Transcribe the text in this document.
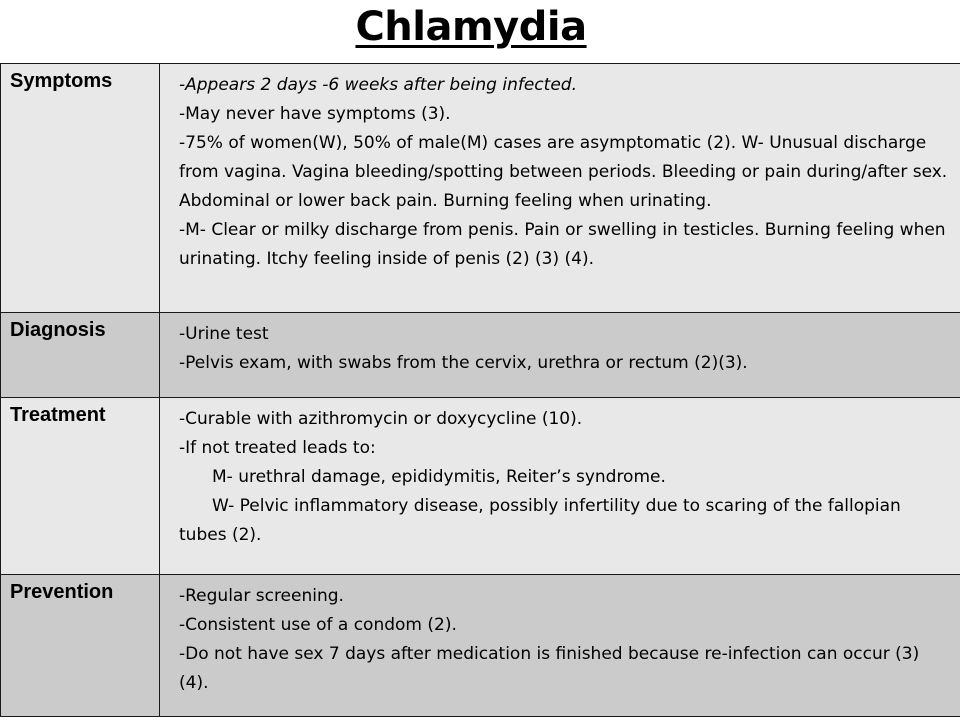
Chlamydia
Symptoms	-Appears 2 days -6 weeks after being infected.
-May never have symptoms (3).
-75% of women(W), 50% of male(M) cases are asymptomatic (2). W- Unusual discharge from vagina. Vagina bleeding/spotting between periods. Bleeding or pain during/after sex. Abdominal or lower back pain. Burning feeling when urinating.
-M- Clear or milky discharge from penis. Pain or swelling in testicles. Burning feeling when urinating. Itchy feeling inside of penis (2) (3) (4).

Diagnosis	-Urine test
-Pelvis exam, with swabs from the cervix, urethra or rectum (2)(3).

Treatment	-Curable with azithromycin or doxycycline (10).
-If not treated leads to:
M- urethral damage, epididymitis, Reiter’s syndrome.
W- Pelvic inflammatory disease, possibly infertility due to scaring of the fallopian tubes (2).

Prevention	-Regular screening.
-Consistent use of a condom (2).
-Do not have sex 7 days after medication is finished because re-infection can occur (3) (4).
